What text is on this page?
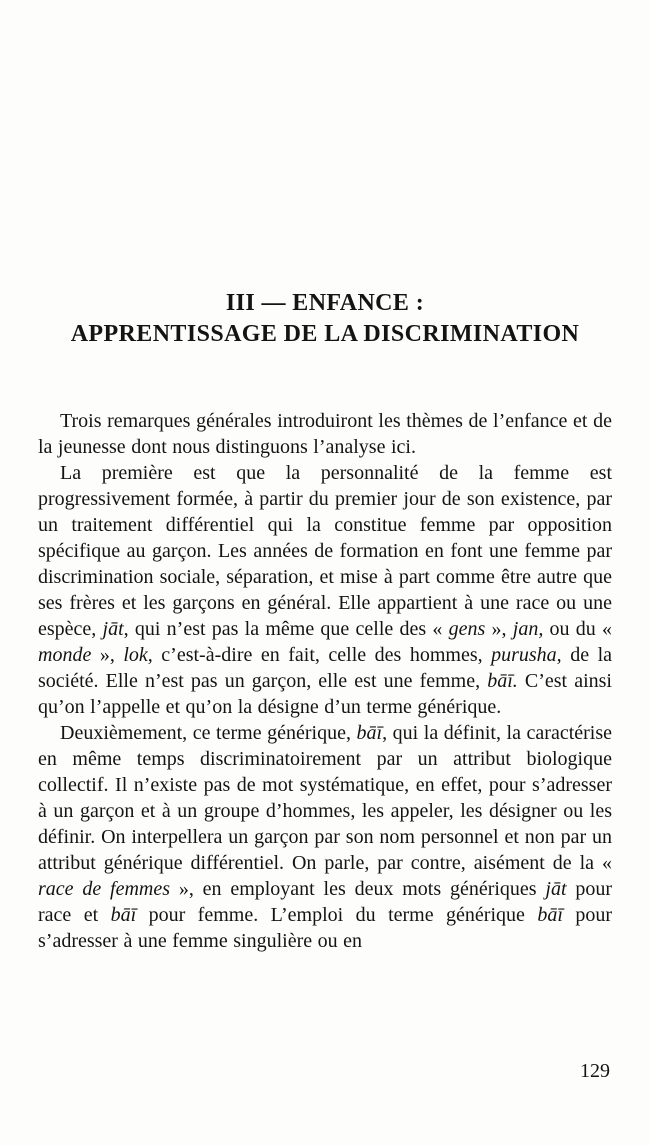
III — ENFANCE :
APPRENTISSAGE DE LA DISCRIMINATION

Trois remarques générales introduiront les thèmes de l’enfance et de la jeunesse dont nous distinguons l’analyse ici.

La première est que la personnalité de la femme est progressivement formée, à partir du premier jour de son existence, par un traitement différentiel qui la constitue femme par opposition spécifique au garçon. Les années de formation en font une femme par discrimination sociale, séparation, et mise à part comme être autre que ses frères et les garçons en général. Elle appartient à une race ou une espèce, jāt, qui n’est pas la même que celle des « gens », jan, ou du « monde », lok, c’est-à-dire en fait, celle des hommes, purusha, de la société. Elle n’est pas un garçon, elle est une femme, bāī. C’est ainsi qu’on l’appelle et qu’on la désigne d’un terme générique.

Deuxièmement, ce terme générique, bāī, qui la définit, la caractérise en même temps discriminatoirement par un attribut biologique collectif. Il n’existe pas de mot systématique, en effet, pour s’adresser à un garçon et à un groupe d’hommes, les appeler, les désigner ou les définir. On interpellera un garçon par son nom personnel et non par un attribut générique différentiel. On parle, par contre, aisément de la « race de femmes », en employant les deux mots génériques jāt pour race et bāī pour femme. L’emploi du terme générique bāī pour s’adresser à une femme singulière ou en

129
